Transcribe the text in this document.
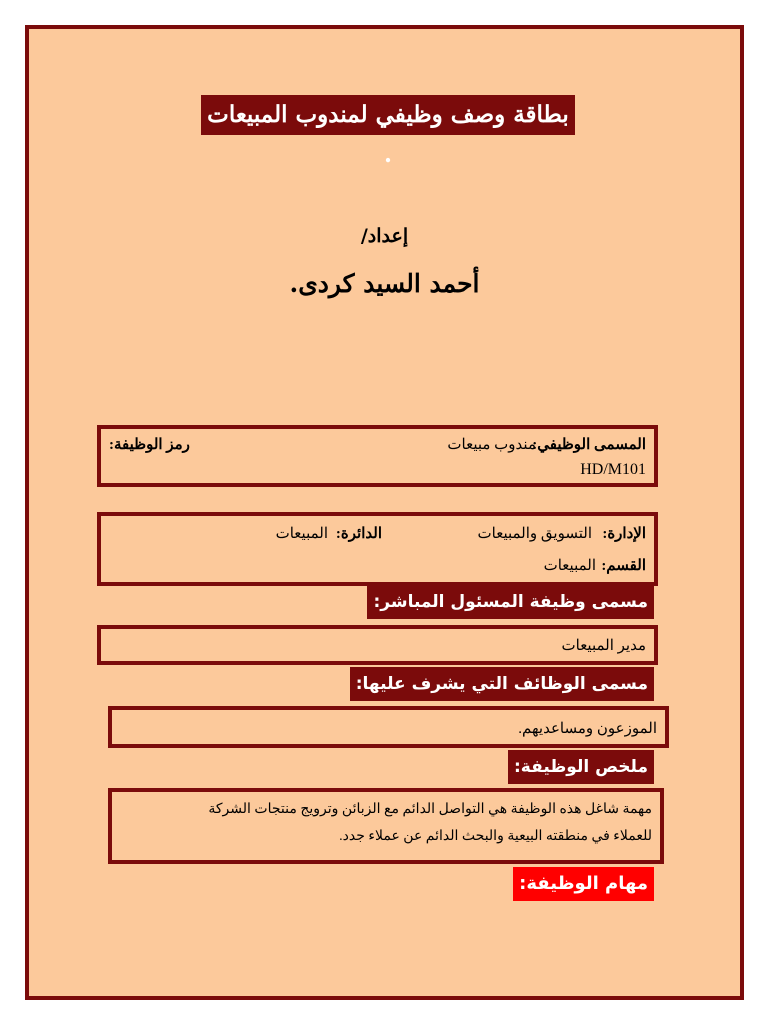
بطاقة وصف وظيفي لمندوب المبيعات .
إعداد/
أحمد السيد كردى.
المسمى الوظيفي:
مندوب مبيعات
رمز الوظيفة:
HD/M101
الإدارة:
التسويق والمبيعات
الدائرة:
المبيعات
القسم:
المبيعات
مسمى وظيفة المسئول المباشر:
مدير المبيعات
مسمى الوظائف التي يشرف عليها:
الموزعون ومساعديهم.
ملخص الوظيفة:
مهمة شاغل هذه الوظيفة هي التواصل الدائم مع الزبائن وترويج منتجات الشركة
للعملاء في منطقته البيعية والبحث الدائم عن عملاء جدد.
مهام الوظيفة:
